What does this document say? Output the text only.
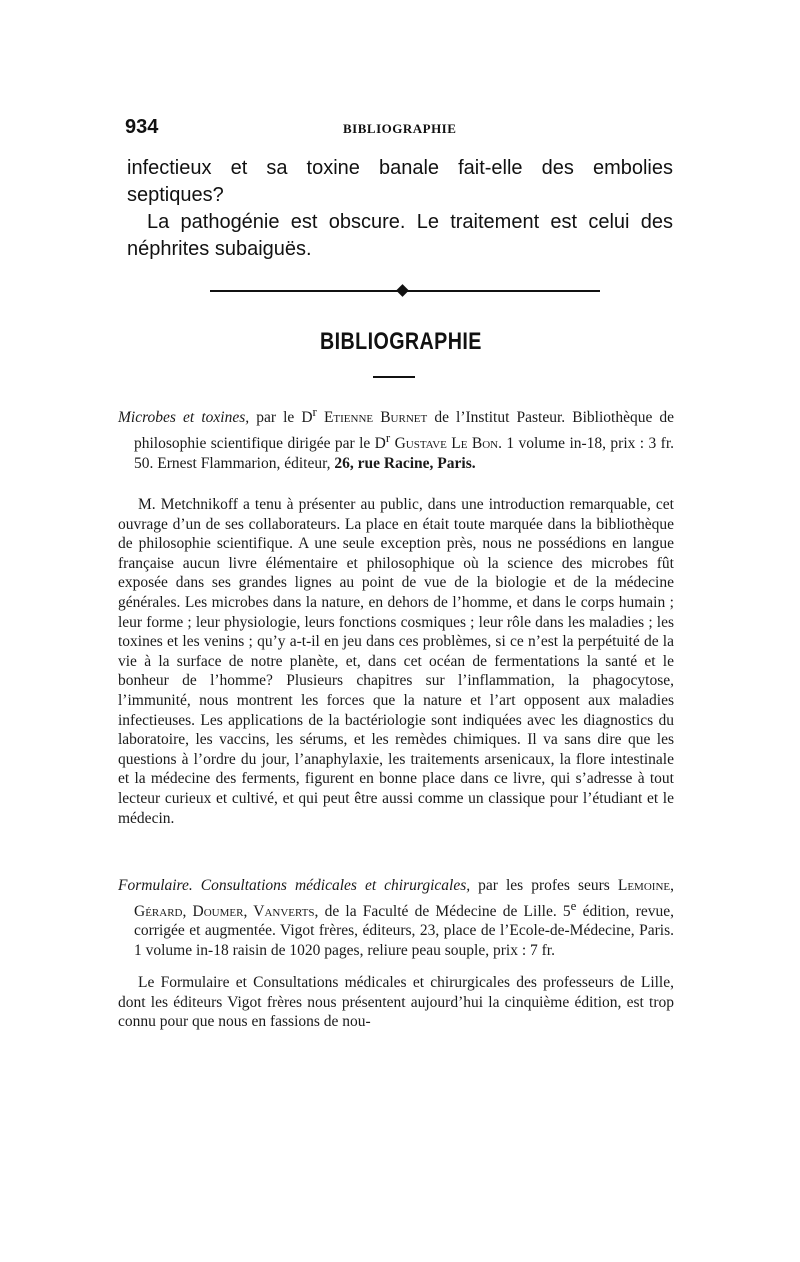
934	BIBLIOGRAPHIE

infectieux et sa toxine banale fait-elle des embolies septiques?

La pathogénie est obscure. Le traitement est celui des néphrites subaiguës.

BIBLIOGRAPHIE

Microbes et toxines, par le $D^r$ Etienne Burnet de l’Institut Pasteur. Bibliothèque de philosophie scientifique dirigée par le $D^r$ Gustave Le Bon. 1 volume in-18, prix : 3 fr. 50. Ernest Flammarion, éditeur, 26, rue Racine, Paris.

M. Metchnikoff a tenu à présenter au public, dans une introduction remarquable, cet ouvrage d’un de ses collaborateurs. La place en était toute marquée dans la bibliothèque de philosophie scientifique. A une seule exception près, nous ne possédions en langue française aucun livre élémentaire et philosophique où la science des microbes fût exposée dans ses grandes lignes au point de vue de la biologie et de la médecine générales. Les microbes dans la nature, en dehors de l’homme, et dans le corps humain ; leur forme ; leur physiologie, leurs fonctions cosmiques ; leur rôle dans les maladies ; les toxines et les venins ; qu’y a-t-il en jeu dans ces problèmes, si ce n’est la perpétuité de la vie à la surface de notre planète, et, dans cet océan de fermentations la santé et le bonheur de l’homme? Plusieurs chapitres sur l’inflammation, la phagocytose, l’immunité, nous montrent les forces que la nature et l’art opposent aux maladies infectieuses. Les applications de la bactériologie sont indiquées avec les diagnostics du laboratoire, les vaccins, les sérums, et les remèdes chimiques. Il va sans dire que les questions à l’ordre du jour, l’anaphylaxie, les traitements arsenicaux, la flore intestinale et la médecine des ferments, figurent en bonne place dans ce livre, qui s’adresse à tout lecteur curieux et cultivé, et qui peut être aussi comme un classique pour l’étudiant et le médecin.

Formulaire. Consultations médicales et chirurgicales, par les profes seurs Lemoine, Gérard, Doumer, Vanverts, de la Faculté de Médecine de Lille. 5e édition, revue, corrigée et augmentée. Vigot frères, éditeurs, 23, place de l’Ecole-de-Médecine, Paris. 1 volume in-18 raisin de 1020 pages, reliure peau souple, prix : 7 fr.

Le Formulaire et Consultations médicales et chirurgicales des professeurs de Lille, dont les éditeurs Vigot frères nous présentent aujourd’hui la cinquième édition, est trop connu pour que nous en fassions de nou-
